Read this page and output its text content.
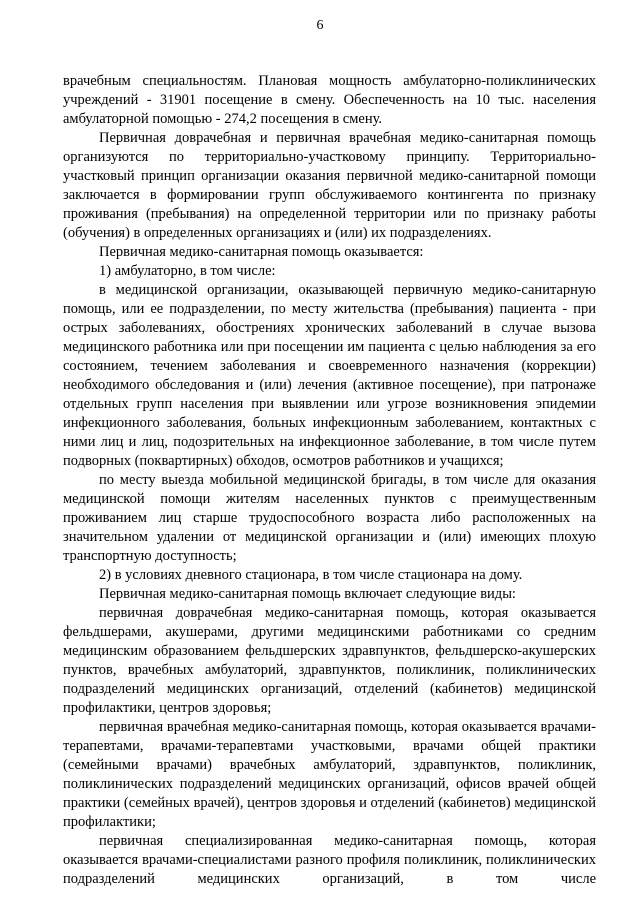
6

врачебным специальностям. Плановая мощность амбулаторно-поликлинических учреждений - 31901 посещение в смену. Обеспеченность на 10 тыс. населения амбулаторной помощью - 274,2 посещения в смену.

Первичная доврачебная и первичная врачебная медико-санитарная помощь организуются по территориально-участковому принципу. Территориально-участковый принцип организации оказания первичной медико-санитарной помощи заключается в формировании групп обслуживаемого контингента по признаку проживания (пребывания) на определенной территории или по признаку работы (обучения) в определенных организациях и (или) их подразделениях.

Первичная медико-санитарная помощь оказывается:

1) амбулаторно, в том числе:

в медицинской организации, оказывающей первичную медико-санитарную помощь, или ее подразделении, по месту жительства (пребывания) пациента - при острых заболеваниях, обострениях хронических заболеваний в случае вызова медицинского работника или при посещении им пациента с целью наблюдения за его состоянием, течением заболевания и своевременного назначения (коррекции) необходимого обследования и (или) лечения (активное посещение), при патронаже отдельных групп населения при выявлении или угрозе возникновения эпидемии инфекционного заболевания, больных инфекционным заболеванием, контактных с ними лиц и лиц, подозрительных на инфекционное заболевание, в том числе путем подворных (поквартирных) обходов, осмотров работников и учащихся;

по месту выезда мобильной медицинской бригады, в том числе для оказания медицинской помощи жителям населенных пунктов с преимущественным проживанием лиц старше трудоспособного возраста либо расположенных на значительном удалении от медицинской организации и (или) имеющих плохую транспортную доступность;

2) в условиях дневного стационара, в том числе стационара на дому.

Первичная медико-санитарная помощь включает следующие виды:

первичная доврачебная медико-санитарная помощь, которая оказывается фельдшерами, акушерами, другими медицинскими работниками со средним медицинским образованием фельдшерских здравпунктов, фельдшерско-акушерских пунктов, врачебных амбулаторий, здравпунктов, поликлиник, поликлинических подразделений медицинских организаций, отделений (кабинетов) медицинской профилактики, центров здоровья;

первичная врачебная медико-санитарная помощь, которая оказывается врачами-терапевтами, врачами-терапевтами участковыми, врачами общей практики (семейными врачами) врачебных амбулаторий, здравпунктов, поликлиник, поликлинических подразделений медицинских организаций, офисов врачей общей практики (семейных врачей), центров здоровья и отделений (кабинетов) медицинской профилактики;

первичная специализированная медико-санитарная помощь, которая оказывается врачами-специалистами разного профиля поликлиник, поликлинических подразделений медицинских организаций, в том числе
